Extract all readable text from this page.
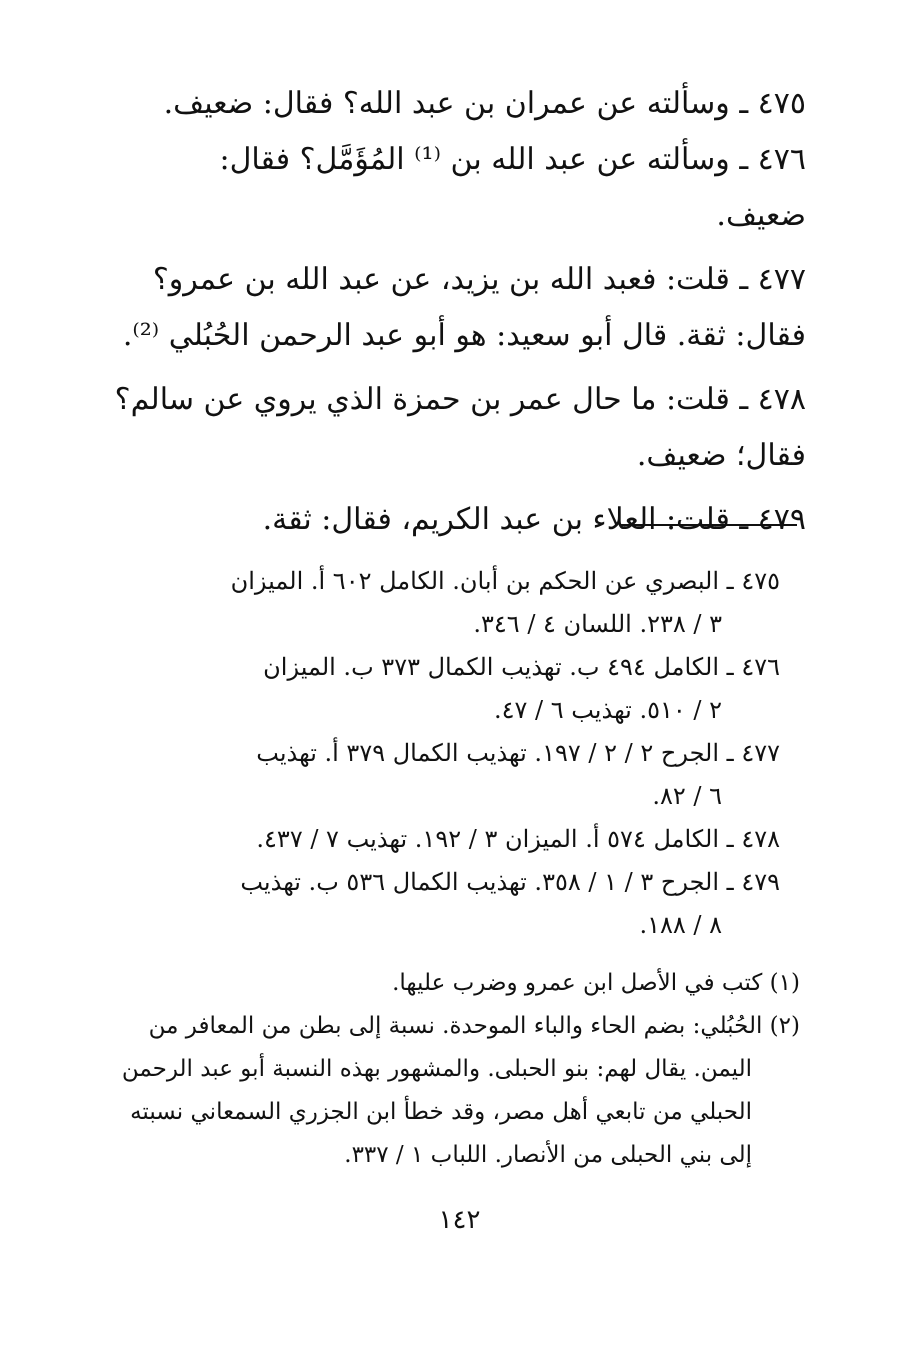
٤٧٥ ـ وسألته عن عمران بن عبد الله؟ فقال: ضعيف.
٤٧٦ ـ وسألته عن عبد الله بن ⁽¹⁾ المُؤَمَّل؟ فقال:
ضعيف.
٤٧٧ ـ قلت: فعبد الله بن يزيد، عن عبد الله بن عمرو؟
فقال: ثقة. قال أبو سعيد: هو أبو عبد الرحمن الحُبُلي ⁽²⁾.
٤٧٨ ـ قلت: ما حال عمر بن حمزة الذي يروي عن سالم؟
فقال؛ ضعيف.
٤٧٩ ـ قلت: العلاء بن عبد الكريم، فقال: ثقة.
٤٧٥ ـ البصري عن الحكم بن أبان. الكامل ٦٠٢ أ. الميزان
٣ / ٢٣٨. اللسان ٤ / ٣٤٦.
٤٧٦ ـ الكامل ٤٩٤ ب. تهذيب الكمال ٣٧٣ ب. الميزان
٢ / ٥١٠. تهذيب ٦ / ٤٧.
٤٧٧ ـ الجرح ٢ / ٢ / ١٩٧. تهذيب الكمال ٣٧٩ أ. تهذيب
٦ / ٨٢.
٤٧٨ ـ الكامل ٥٧٤ أ. الميزان ٣ / ١٩٢. تهذيب ٧ / ٤٣٧.
٤٧٩ ـ الجرح ٣ / ١ / ٣٥٨. تهذيب الكمال ٥٣٦ ب. تهذيب
٨ / ١٨٨.
(١) كتب في الأصل ابن عمرو وضرب عليها.
(٢) الحُبُلي: بضم الحاء والباء الموحدة. نسبة إلى بطن من المعافر من
اليمن. يقال لهم: بنو الحبلى. والمشهور بهذه النسبة أبو عبد الرحمن
الحبلي من تابعي أهل مصر، وقد خطأ ابن الجزري السمعاني نسبته
إلى بني الحبلى من الأنصار. اللباب ١ / ٣٣٧.
١٤٢
